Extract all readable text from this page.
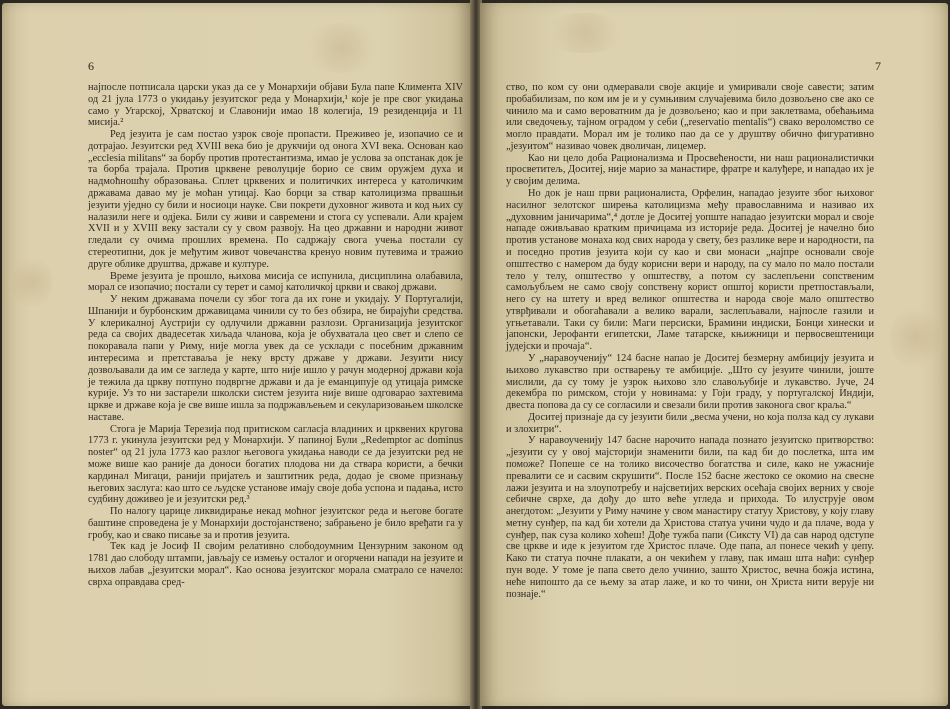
6

најпосле потписала царски указ да се у Монархији објави Була папе Климента XIV од 21 јула 1773 о укидању језуитског реда у Монархији,¹ које је пре свог укидања само у Угарској, Хрватској и Славонији имао 18 колегија, 19 резиденција и 11 мисија.²

Ред језуита је сам постао узрок своје пропасти. Преживео је, изопачио се и дотрајао. Језуитски ред XVIII века био је друкчији од онога XVI века. Основан као „ecclesia militans“ за борбу против протестантизма, имао је услова за опстанак док је та борба трајала. Против црквене револуције борио се свим оружјем духа и надмоћношћу образовања. Сплет црквених и политичких интереса у католичким државама давао му је моћан утицај. Као борци за ствар католицизма првашњи језуити уједно су били и носиоци науке. Сви покрети духовног живота и код њих су налазили неге и одјека. Били су живи и савремени и стога су успевали. Али крајем XVII и у XVIII веку застали су у свом развоју. На цео државни и народни живот гледали су очима прошлих времена. По садржају свога учења постали су стереотипни, док је међутим живот човечанства кренуо новим путевима и тражио друге облике друштва, државе и културе.

Време језуита је прошло, њихова мисија се испунила, дисциплина олабавила, морал се изопачио; постали су терет и самој католичкој цркви и свакој држави.

У неким државама почели су због тога да их гоне и укидају. У Португалији, Шпанији и бурбонским државицама чинили су то без обзира, не бирајући средства. У клерикалној Аустрији су одлучили државни разлози. Организација језуитског реда са својих двадесетак хиљада чланова, која је обухватала цео свет и слепо се покоравала папи у Риму, није могла увек да се усклади с посебним државним интересима и претставаља је неку врсту државе у држави. Језуити нису дозвољавали да им се загледа у карте, што није ишло у рачун модерној држави која је тежила да цркву потпуно подвргне држави и да је еманципује од утицаја римске курије. Уз то ни застарели школски систем језуита није више одговарао захтевима цркве и државе која је све више ишла за подржављењем и секуларизовањем школске наставе.

Стога је Марија Терезија под притиском сагласја владиних и црквених кругова 1773 г. укинула језуитски ред у Монархији. У папиној Були „Redemptor ac dominus noster“ од 21 јула 1773 као разлог његовога укидања наводи се да језуитски ред не може више као раније да доноси богатих плодова ни да ствара користи, а бечки кардинал Мигаци, ранији пријатељ и заштитник реда, додао је своме признању његових заслуга: као што се људске установе имају своје доба успона и падања, исто судбину доживео је и језуитски ред.³

По налогу царице ликвидирање некад моћног језуитског реда и његове богате баштине спроведена је у Монархији достојанствено; забрањено је било вређати га у гробу, као и свако писање за и против језуита.

Тек кад је Јосиф II својим релативно слободоумним Цензурним законом од 1781 дао слободу штампи, јављају се измењу осталог и огорчени напади на језуите и њихов лабав „језуитски морал“. Као основа језуитског морала сматрало се начело: сврха оправдава сред-

7

ство, по ком су они одмеравали своје акције и умиривали своје савести; затим пробабилизам, по ком им је и у сумњивим случајевима било дозвољено све ако се чинило ма и само вероватним да је дозвољено; као и при заклетвама, обећањима или сведочењу, тајном оградом у себи („reservatio mentalis“) свако вероломство се могло правдати. Морал им је толико пао да се у друштву обично фигуративно „језуитом“ називао човек дволичан, лицемер.

Као ни цело доба Рационализма и Просвећености, ни наш рационалистички просветитељ, Доситеј, није марио за манастире, фратре и калуђере, и нападао их је у својим делима.

Но док је наш први рационалиста, Орфелин, нападао језуите због њиховог насилног зелотског ширења католицизма међу православнима и називао их „духовним јаничарима“,⁴ дотле је Доситеј уопште нападао језуитски морал и своје нападе оживљавао кратким причицама из историје реда. Доситеј је начелно био против установе монаха код свих народа у свету, без разлике вере и народности, па и поседно против језуита који су као и сви монаси „најпре основали своје општество с намером да буду корисни вери и народу, па су мало по мало постали тело у телу, општество у општеству, а потом су заслепљени сопственим самољубљем не само своју сопствену корист општој користи претпостављали, него су на штету и вред великог општества и народа своје мало општество утврђивали и обогаћавали а велико варали, заслепљавали, најпосле газили и угњетавали. Таки су били: Маги персиски, Брамини индиски, Бонци хинески и јапонски, Јерофанти египетски, Ламе татарске, књижници и первосвештеници јудејски и прочаја“.

У „наравоученију“ 124 басне напао је Доситеј безмерну амбицију језуита и њихово лукавство при остварењу те амбиције. „Што су језуите чинили, јоште мислили, да су тому је узрок њихово зло славољубије и лукавство. Јуче, 24 декембра по римском, стоји у новинама: у Гоји граду, у португалској Индији, двеста попова да су се согласили и свезали били против законога свог краља.“

Доситеј признаје да су језуити били „весма учени, но која полза кад су лукави и злохитри“.

У наравоученију 147 басне нарочито напада познато језуитско притворство: „језуити су у овој мајсторији знаменити били, па кад би до послетка, шта им поможе? Попеше се на толико височество богатства и силе, како не ужасније превалити се и сасвим скрушити“. После 152 басне жестоко се окомио на свесне лажи језуита и на злоупотребу и најсветијих верских осећаја својих верних у своје себичне сврхе, да дођу до што веће угледа и прихода. То илуструје овом анегдотом: „Језуити у Риму начине у свом манастиру статуу Христову, у коју главу метну сунђер, па кад би хотели да Христова статуа учини чудо и да плаче, вода у сунђер, пак суза колико хоћеш! Дође тужба папи (Сиксту VI) да сав народ одступе све цркве и иде к језуитом где Христос плаче. Оде папа, ал понесе чекић у џепу. Како ти статуа почне плакати, а он чекићем у главу, пак имаш шта нађи: сунђер пун воде. У томе је папа свето дело учинио, зашто Христос, вечна божја истина, неће нипошто да се њему за атар лаже, и ко то чини, он Христа нити верује ни познаје.“
